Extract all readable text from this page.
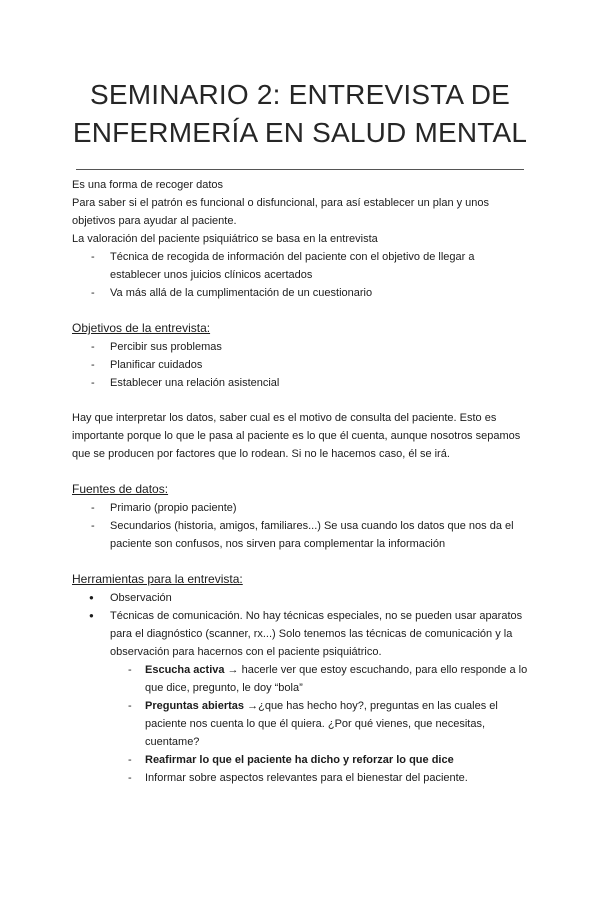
SEMINARIO 2: ENTREVISTA DE ENFERMERÍA EN SALUD MENTAL

Es una forma de recoger datos

Para saber si el patrón es funcional o disfuncional, para así establecer un plan y unos objetivos para ayudar al paciente.

La valoración del paciente psiquiátrico se basa en la entrevista

- Técnica de recogida de información del paciente con el objetivo de llegar a establecer unos juicios clínicos acertados
- Va más allá de la cumplimentación de un cuestionario

Objetivos de la entrevista:

- Percibir sus problemas
- Planificar cuidados
- Establecer una relación asistencial

Hay que interpretar los datos, saber cual es el motivo de consulta del paciente. Esto es importante porque lo que le pasa al paciente es lo que él cuenta, aunque nosotros sepamos que se producen por factores que lo rodean. Si no le hacemos caso, él se irá.

Fuentes de datos:

- Primario (propio paciente)
- Secundarios (historia, amigos, familiares...) Se usa cuando los datos que nos da el paciente son confusos, nos sirven para complementar la información

Herramientas para la entrevista:

● Observación
● Técnicas de comunicación. No hay técnicas especiales, no se pueden usar aparatos para el diagnóstico (scanner, rx...) Solo tenemos las técnicas de comunicación y la observación para hacernos con el paciente psiquiátrico.
- Escucha activa → hacerle ver que estoy escuchando, para ello responde a lo que dice, pregunto, le doy “bola”
- Preguntas abiertas →¿que has hecho hoy?, preguntas en las cuales el paciente nos cuenta lo que él quiera. ¿Por qué vienes, que necesitas, cuentame?
- Reafirmar lo que el paciente ha dicho y reforzar lo que dice
- Informar sobre aspectos relevantes para el bienestar del paciente.
